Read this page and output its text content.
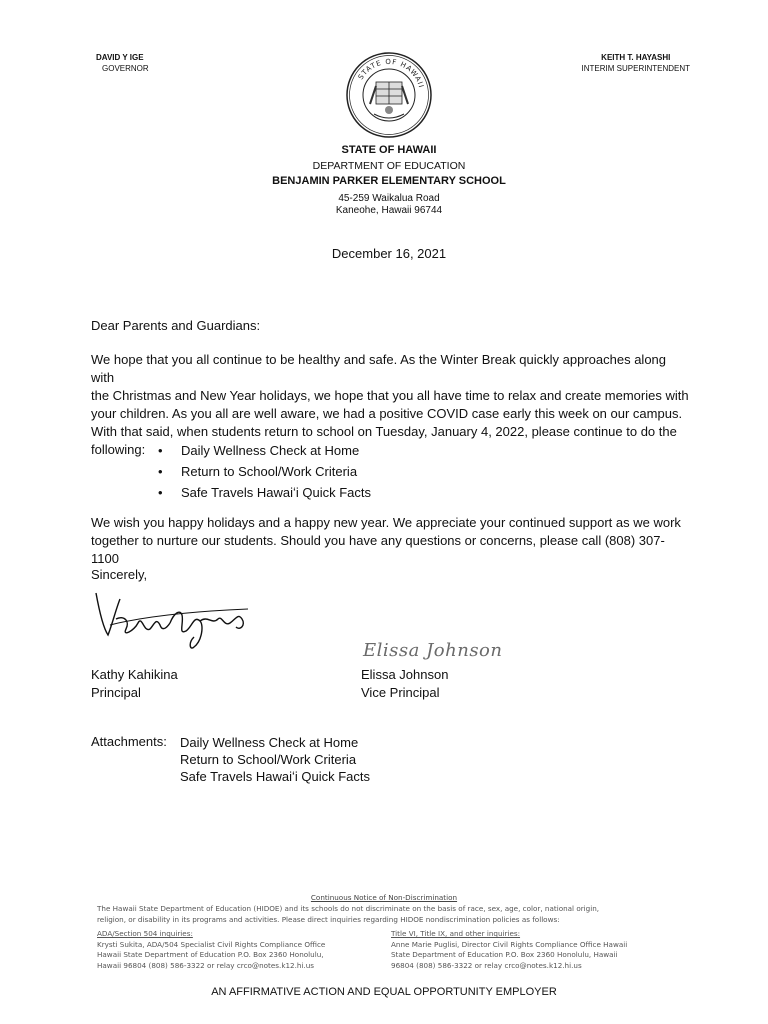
DAVID Y IGE
GOVERNOR
KEITH T. HAYASHI
INTERIM SUPERINTENDENT
STATE OF HAWAII
STATE OF HAWAII
DEPARTMENT OF EDUCATION
BENJAMIN PARKER ELEMENTARY SCHOOL
45-259 Waikalua Road
Kaneohe, Hawaii 96744
December 16, 2021
Dear Parents and Guardians:
We hope that you all continue to be healthy and safe. As the Winter Break quickly approaches along with
the Christmas and New Year holidays, we hope that you all have time to relax and create memories with
your children. As you all are well aware, we had a positive COVID case early this week on our campus.
With that said, when students return to school on Tuesday, January 4, 2022, please continue to do the
following:
•	Daily Wellness Check at Home
• Return to School/Work Criteria
• Safe Travels Hawaiʻi Quick Facts
We wish you happy holidays and a happy new year. We appreciate your continued support as we work
together to nurture our students. Should you have any questions or concerns, please call (808) 307-1100
Sincerely,
Elissa Johnson
Kathy Kahikina
Principal
Elissa Johnson
Vice Principal
Attachments: Daily Wellness Check at Home
Return to School/Work Criteria
Safe Travels Hawaiʻi Quick Facts
Continuous Notice of Non-Discrimination
The Hawaii State Department of Education (HIDOE) and its schools do not discriminate on the basis of race, sex, age, color, national origin,
religion, or disability in its programs and activities. Please direct inquiries regarding HIDOE nondiscrimination policies as follows:
ADA/Section 504 inquiries:
Krysti Sukita, ADA/504 Specialist Civil Rights Compliance Office
Hawaii State Department of Education P.O. Box 2360 Honolulu,
Hawaii 96804 (808) 586-3322 or relay crco@notes.k12.hi.us
Title VI, Title IX, and other inquiries:
Anne Marie Puglisi, Director Civil Rights Compliance Office Hawaii
State Department of Education P.O. Box 2360 Honolulu, Hawaii
96804 (808) 586-3322 or relay crco@notes.k12.hi.us
AN AFFIRMATIVE ACTION AND EQUAL OPPORTUNITY EMPLOYER
